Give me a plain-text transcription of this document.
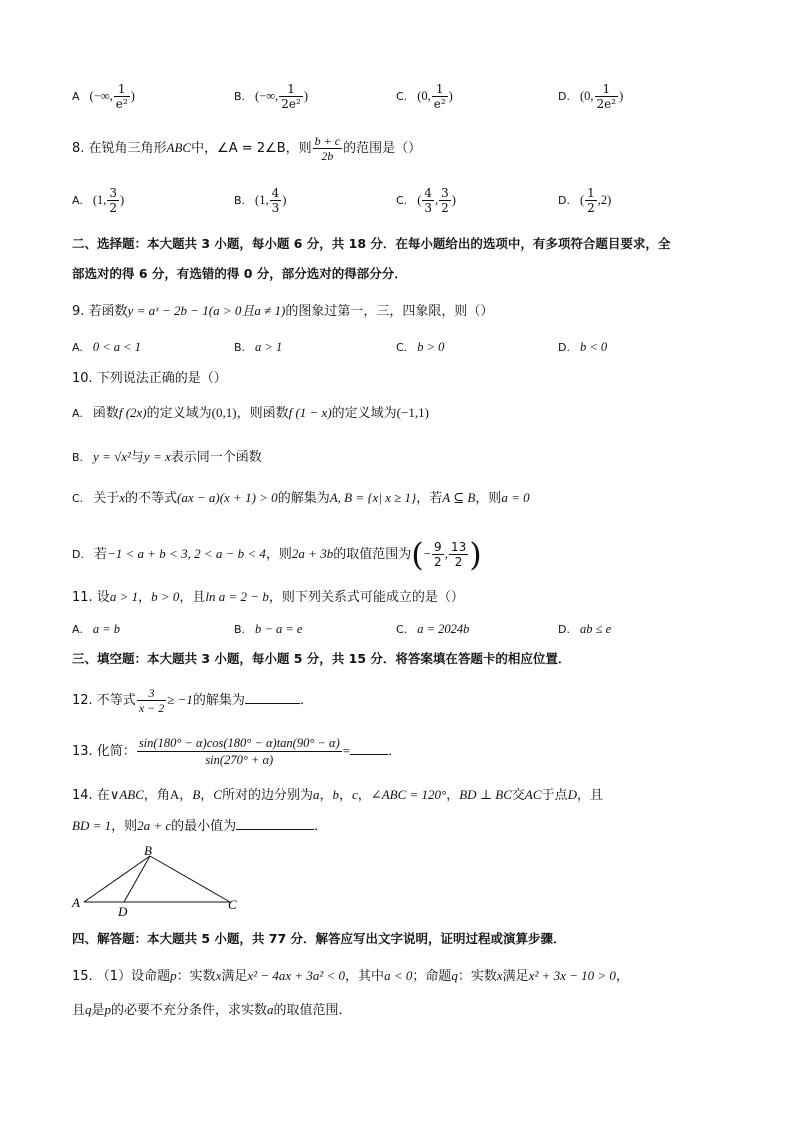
A (−∞, $\frac{1}{\text{e²}}$ )	B. (−∞, $\frac{1}{\text{2e²}}$ )	C. (0, $\frac{1}{\text{e²}}$ )	D. (0, $\frac{1}{\text{2e²}}$ )
8. 在锐角三角形ABC中，∠A = 2∠B，则 $\frac{b + c}{2b}$ 的范围是（）
A. (1, $\frac{3}{2}$ )	B. (1, $\frac{4}{3}$ )	C. ( $\frac{4}{3}$ , $\frac{3}{2}$ )	D. ( $\frac{1}{2} ,2$)
二、选择题：本大题共 3 小题，每小题 6 分，共 18 分．在每小题给出的选项中，有多项符合题目要求，全
部选对的得 6 分，有选错的得 0 分，部分选对的得部分分．
9. 若函数y = aˣ − 2b − 1(a > 0且a ≠ 1)的图象过第一，三，四象限，则（）
A. 0 < a < 1	B. a > 1	C. b > 0	D. b < 0
10. 下列说法正确的是（）
A. 函数f (2x)的定义域为(0,1)，则函数f (1 − x)的定义域为(−1,1)
B. y = √x²与y = x表示同一个函数
C. 关于x的不等式(ax − a)(x + 1) > 0的解集为A, B = {x| x ≥ 1}，若A ⊆ B，则a = 0
D. 若−1 < a + b < 3, 2 < a − b < 4，则2a + 3b的取值范围为(− $\frac{9}{2}$ , $\frac{13}{2}$ )
11. 设a > 1，b > 0，且ln a = 2 − b，则下列关系式可能成立的是（）
A. a = b	B. b − a = e	C. a = 2024b	D. ab ≤ e
三、填空题：本大题共 3 小题，每小题 5 分，共 15 分．将答案填在答题卡的相应位置．
12. 不等式 $\frac{3}{x - 2} \ge -1$的解集为	．
13. 化简： $\frac{\sin(180^\circ - \alpha)\cos(180^\circ - \alpha)\tan(90^\circ - \alpha)}{\sin(270^\circ + \alpha)}$ =	．
14. 在∨ABC，角A，B，C所对的边分别为a，b，c，∠ABC = 120°，BD ⊥ BC交AC于点D，且
BD = 1，则2a + c的最小值为	．
B
A
D	C
四、解答题：本大题共 5 小题，共 77 分．解答应写出文字说明，证明过程或演算步骤．
15. （1）设命题p：实数x满足x² − 4ax + 3a² < 0，其中a < 0；命题q：实数x满足x² + 3x − 10 > 0，
且q是p的必要不充分条件，求实数a的取值范围．
